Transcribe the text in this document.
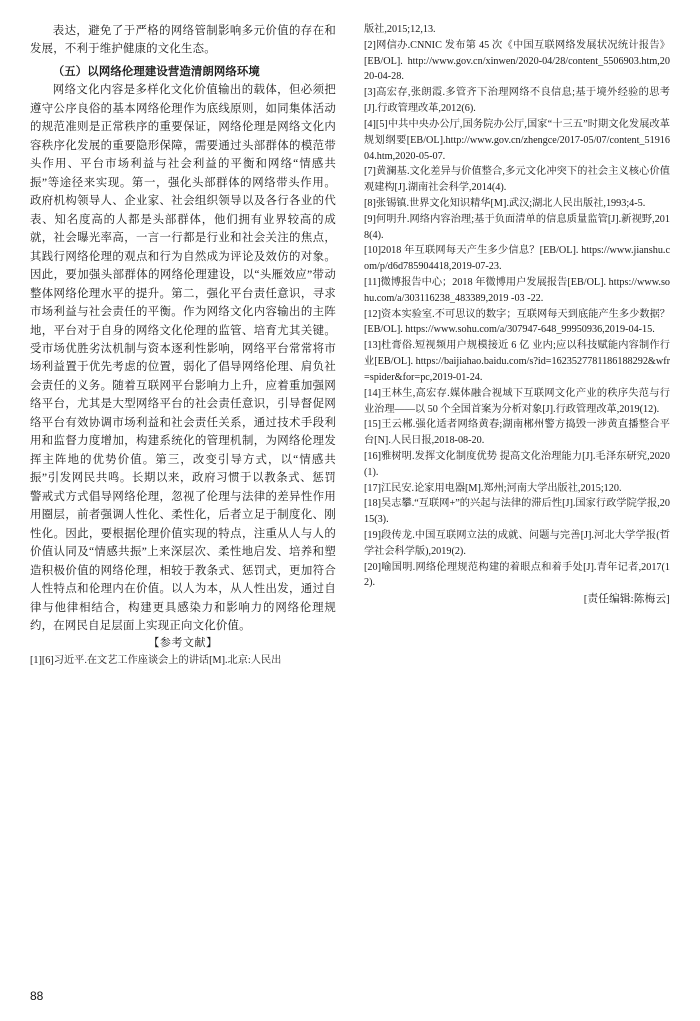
表达，避免了于严格的网络管制影响多元价值的存在和发展，不利于维护健康的文化生态。

（五）以网络伦理建设营造清朗网络环境

网络文化内容是多样化文化价值输出的载体，但必须把遵守公序良俗的基本网络伦理作为底线原则，如同集体活动的规范准则是正常秩序的重要保证，网络伦理是网络文化内容秩序化发展的重要隐形保障，需要通过头部群体的模范带头作用、平台市场利益与社会利益的平衡和网络“情感共振”等途径来实现。第一，强化头部群体的网络带头作用。政府机构领导人、企业家、社会组织领导以及各行各业的代表、知名度高的人都是头部群体，他们拥有业界较高的成就，社会曝光率高，一言一行都是行业和社会关注的焦点，其践行网络伦理的观点和行为自然成为评论及效仿的对象。因此，要加强头部群体的网络伦理建设，以“头雁效应”带动整体网络伦理水平的提升。第二，强化平台责任意识，寻求市场利益与社会责任的平衡。作为网络文化内容输出的主阵地，平台对于自身的网络文化伦理的监管、培育尤其关键。受市场优胜劣汰机制与资本逐利性影响，网络平台常常将市场利益置于优先考虑的位置，弱化了倡导网络伦理、肩负社会责任的义务。随着互联网平台影响力上升，应着重加强网络平台，尤其是大型网络平台的社会责任意识，引导督促网络平台有效协调市场利益和社会责任关系，通过技术手段利用和监督力度增加，构建系统化的管理机制，为网络伦理发挥主阵地的优势价值。第三，改变引导方式，以“情感共振”引发网民共鸣。长期以来，政府习惯于以教条式、惩罚警戒式方式倡导网络伦理，忽视了伦理与法律的差异性作用用圈层，前者强调人性化、柔性化，后者立足于制度化、刚性化。因此，要根据伦理价值实现的特点，注重从人与人的价值认同及“情感共振”上来深层次、柔性地启发、培养和塑造积极价值的网络伦理，相较于教条式、惩罚式，更加符合人性特点和伦理内在价值。以人为本，从人性出发，通过自律与他律相结合，构建更具感染力和影响力的网络伦理规约，在网民自足层面上实现正向文化价值。

【参考文献】

[1][6]习近平.在文艺工作座谈会上的讲话[M].北京:人民出

版社,2015;12,13.

[2]网信办.CNNIC 发布第 45 次《中国互联网络发展状况统计报告》[EB/OL]. http://www.gov.cn/xinwen/2020-04/28/content_5506903.htm,2020-04-28.

[3]高宏存,张朗霞.多管齐下治理网络不良信息;基于境外经验的思考[J].行政管理改革,2012(6).

[4][5]中共中央办公厅,国务院办公厅,国家“十三五”时期文化发展改革规划纲要[EB/OL].http://www.gov.cn/zhengce/2017-05/07/content_5191604.htm,2020-05-07.

[7]黄澜基.文化差异与价值整合,多元文化冲突下的社会主义核心价值观建构[J].湖南社会科学,2014(4).

[8]张锡镇.世界文化知识精华[M].武汉;湖北人民出版社,1993;4-5.

[9]何明升.网络内容治理;基于负面清单的信息质量监管[J].新视野,2018(4).

[10]2018 年互联网每天产生多少信息？[EB/OL]. https://www.jianshu.com/p/d6d785904418,2019-07-23.

[11]微博报告中心；2018 年微博用户发展报告[EB/OL]. https://www.sohu.com/a/303116238_483389,2019 -03 -22.

[12]资本实验室.不可思议的数字；互联网每天到底能产生多少数据？[EB/OL]. https://www.sohu.com/a/307947-648_99950936,2019-04-15.

[13]杜膏俗.短视频用户规模接近 6 亿 业内;应以科技赋能内容制作行业[EB/OL]. https://baijiahao.baidu.com/s?id=1623527781186188292&wfr=spider&for=pc,2019-01-24.

[14]王林生,高宏存.媒体融合视域下互联网文化产业的秩序失范与行业治理——以 50 个全国首案为分析对象[J].行政管理改革,2019(12).

[15]王云郴.强化适者网络黄春;湖南郴州警方捣毁一涉黄直播整合平台[N].人民日报,2018-08-20.

[16]雅树明.发挥文化制度优势 提高文化治理能力[J].毛泽东研究,2020(1).

[17]江民安.论家用电器[M].郑州;河南大学出版社,2015;120.

[18]吴志攀.“互联网+”的兴起与法律的滞后性[J].国家行政学院学报,2015(3).

[19]段传龙.中国互联网立法的成就、问题与完善[J].河北大学学报(哲学社会科学版),2019(2).

[20]喻国明.网络伦理规范构建的着眼点和着手处[J].青年记者,2017(12).

[责任编辑:陈梅云]

88
